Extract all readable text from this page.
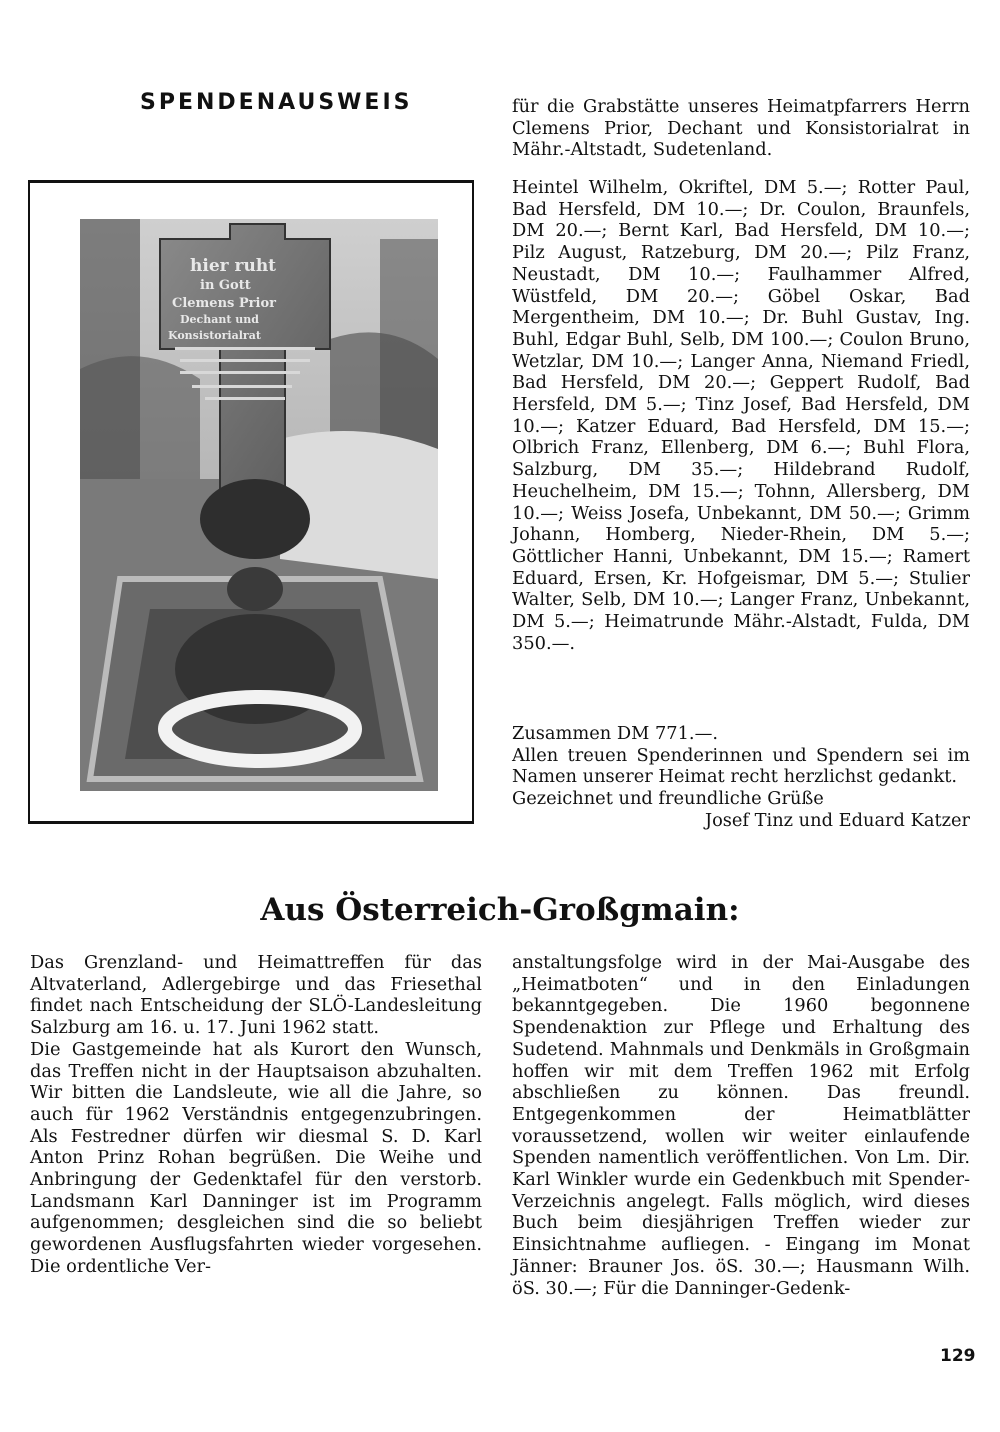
SPENDENAUSWEIS
hier ruht
in Gott
Clemens Prior
Dechant und
Konsistorialrat
für die Grabstätte unseres Heimatpfarrers Herrn Clemens Prior, Dechant und Konsistorialrat in Mähr.-Altstadt, Sudetenland.
Heintel Wilhelm, Okriftel, DM 5.—; Rotter Paul, Bad Hersfeld, DM 10.—; Dr. Coulon, Braunfels, DM 20.—; Bernt Karl, Bad Hersfeld, DM 10.—; Pilz August, Ratzeburg, DM 20.—; Pilz Franz, Neustadt, DM 10.—; Faulhammer Alfred, Wüstfeld, DM 20.—; Göbel Oskar, Bad Mergentheim, DM 10.—; Dr. Buhl Gustav, Ing. Buhl, Edgar Buhl, Selb, DM 100.—; Coulon Bruno, Wetzlar, DM 10.—; Langer Anna, Niemand Friedl, Bad Hersfeld, DM 20.—; Geppert Rudolf, Bad Hersfeld, DM 5.—; Tinz Josef, Bad Hersfeld, DM 10.—; Katzer Eduard, Bad Hersfeld, DM 15.—; Olbrich Franz, Ellenberg, DM 6.—; Buhl Flora, Salzburg, DM 35.—; Hildebrand Rudolf, Heuchelheim, DM 15.—; Tohnn, Allersberg, DM 10.—; Weiss Josefa, Unbekannt, DM 50.—; Grimm Johann, Homberg, Nieder-Rhein, DM 5.—; Göttlicher Hanni, Unbekannt, DM 15.—; Ramert Eduard, Ersen, Kr. Hofgeismar, DM 5.—; Stulier Walter, Selb, DM 10.—; Langer Franz, Unbekannt, DM 5.—; Heimatrunde Mähr.-Alstadt, Fulda, DM 350.—.

Zusammen DM 771.—.

Allen treuen Spenderinnen und Spendern sei im Namen unserer Heimat recht herzlichst gedankt.

Gezeichnet und freundliche Grüße

Josef Tinz und Eduard Katzer

Aus Österreich-Großgmain:

Das Grenzland- und Heimattreffen für das Altvaterland, Adlergebirge und das Friesethal findet nach Entscheidung der SLÖ-Landesleitung Salzburg am 16. u. 17. Juni 1962 statt.

Die Gastgemeinde hat als Kurort den Wunsch, das Treffen nicht in der Hauptsaison abzuhalten. Wir bitten die Landsleute, wie all die Jahre, so auch für 1962 Verständnis entgegenzubringen. Als Festredner dürfen wir diesmal S. D. Karl Anton Prinz Rohan begrüßen. Die Weihe und Anbringung der Gedenktafel für den verstorb. Landsmann Karl Danninger ist im Programm aufgenommen; desgleichen sind die so beliebt gewordenen Ausflugsfahrten wieder vorgesehen. Die ordentliche Ver-

anstaltungsfolge wird in der Mai-Ausgabe des „Heimatboten“ und in den Einladungen bekanntgegeben. Die 1960 begonnene Spendenaktion zur Pflege und Erhaltung des Sudetend. Mahnmals und Denkmäls in Großgmain hoffen wir mit dem Treffen 1962 mit Erfolg abschließen zu können. Das freundl. Entgegenkommen der Heimatblätter voraussetzend, wollen wir weiter einlaufende Spenden namentlich veröffentlichen. Von Lm. Dir. Karl Winkler wurde ein Gedenkbuch mit Spender-Verzeichnis angelegt. Falls möglich, wird dieses Buch beim diesjährigen Treffen wieder zur Einsichtnahme aufliegen. - Eingang im Monat Jänner: Brauner Jos. öS. 30.—; Hausmann Wilh. öS. 30.—; Für die Danninger-Gedenk-

129
